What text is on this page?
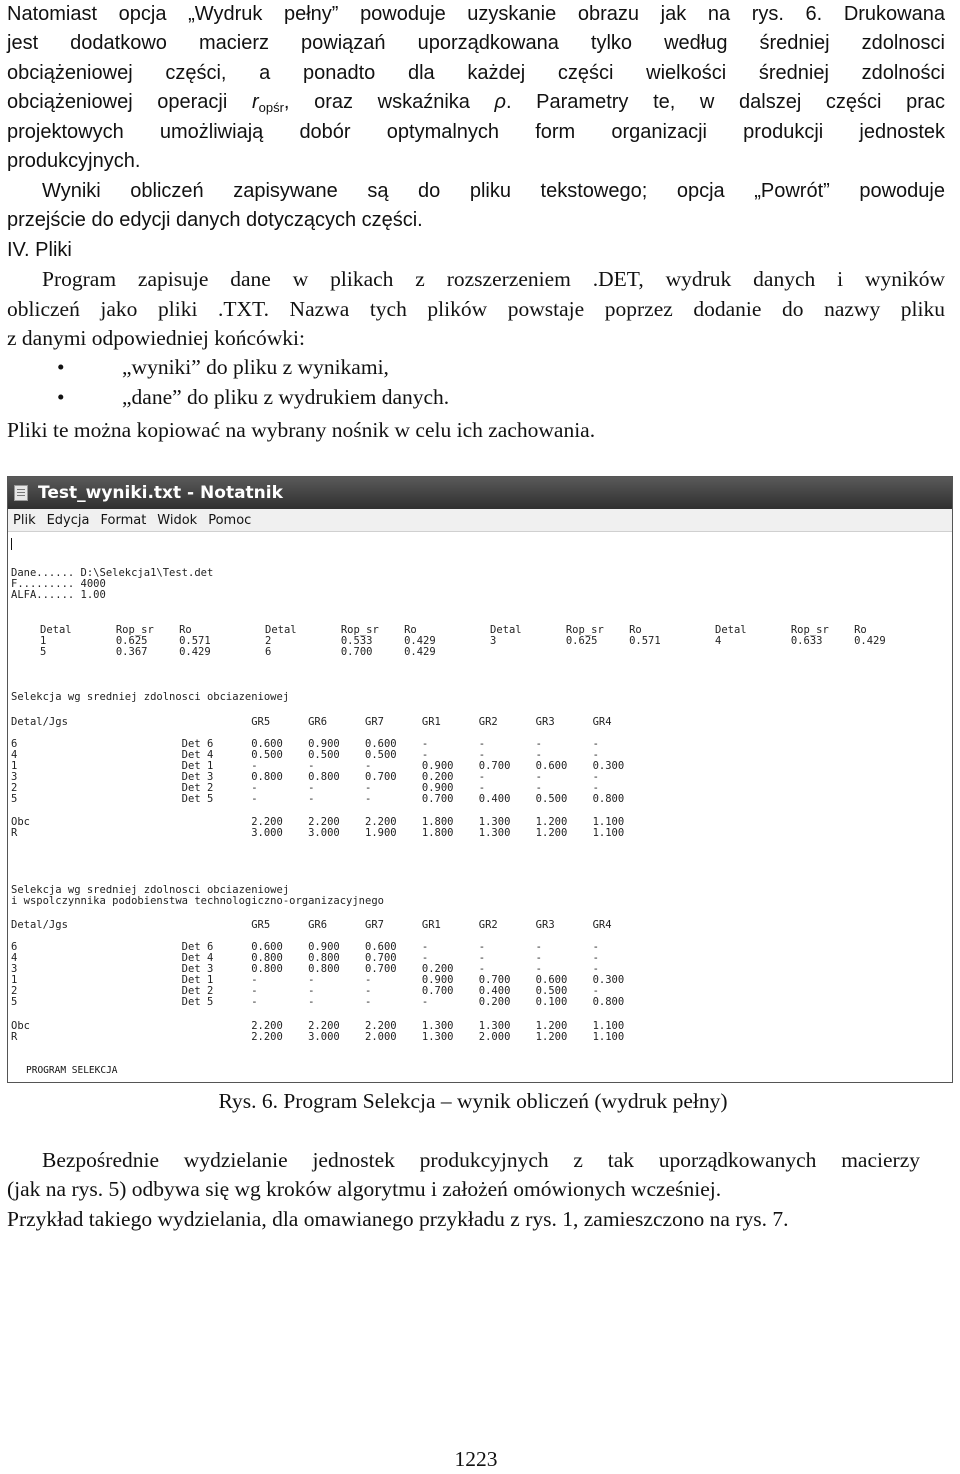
Natomiast opcja „Wydruk pełny” powoduje uzyskanie obrazu jak na rys. 6. Drukowana

jest dodatkowo macierz powiązań uporządkowana tylko według średniej zdolnosci

obciążeniowej części, a ponadto dla każdej części wielkości średniej zdolności

obciążeniowej operacji $r_{opśr}$, oraz wskaźnika ρ. Parametry te, w dalszej części prac

projektowych umożliwiają dobór optymalnych form organizacji produkcji jednostek

produkcyjnych.

Wyniki obliczeń zapisywane są do pliku tekstowego; opcja „Powrót” powoduje

przejście do edycji danych dotyczących części.

IV. Pliki

Program zapisuje dane w plikach z rozszerzeniem .DET, wydruk danych i wyników

obliczeń jako pliki .TXT. Nazwa tych plików powstaje poprzez dodanie do nazwy pliku

z danymi odpowiedniej końcówki:

•	„wyniki” do pliku z wynikami,
•	„dane” do pliku z wydrukiem danych.

Pliki te można kopiować na wybrany nośnik w celu ich zachowania.

Test_wyniki.txt - Notatnik
Plik Edycja Format Widok Pomoc
Dane...... D:\Selekcja1\Test.det
F......... 4000
ALFA...... 1.00
Detal       Rop_sr    Ro
1           0.625     0.571
5           0.367     0.429
Detal       Rop_sr    Ro
2           0.533     0.429
6           0.700     0.429
Detal       Rop_sr    Ro
3           0.625     0.571
Detal       Rop_sr    Ro
4           0.633     0.429
Selekcja wg sredniej zdolnosci obciazeniowej
Detal/Jgs                             GR5      GR6      GR7      GR1      GR2      GR3      GR4
6                          Det 6      0.600    0.900    0.600    -        -        -        -
4                          Det 4      0.500    0.500    0.500    -        -        -        -
1                          Det 1      -        -        -        0.900    0.700    0.600    0.300
3                          Det 3      0.800    0.800    0.700    0.200    -        -        -
2                          Det 2      -        -        -        0.900    -        -        -
5                          Det 5      -        -        -        0.700    0.400    0.500    0.800
Obc                                   2.200    2.200    2.200    1.800    1.300    1.200    1.100
R                                     3.000    3.000    1.900    1.800    1.300    1.200    1.100
Selekcja wg sredniej zdolnosci obciazeniowej
i wspolczynnika podobienstwa technologiczno-organizacyjnego
Detal/Jgs                             GR5      GR6      GR7      GR1      GR2      GR3      GR4
6                          Det 6      0.600    0.900    0.600    -        -        -        -
4                          Det 4      0.800    0.800    0.700    -        -        -        -
3                          Det 3      0.800    0.800    0.700    0.200    -        -        -
1                          Det 1      -        -        -        0.900    0.700    0.600    0.300
2                          Det 2      -        -        -        0.700    0.400    0.500    -
5                          Det 5      -        -        -        -        0.200    0.100    0.800
Obc                                   2.200    2.200    2.200    1.300    1.300    1.200    1.100
R                                     2.200    3.000    2.000    1.300    2.000    1.200    1.100
PROGRAM SELEKCJA

Rys. 6. Program Selekcja – wynik obliczeń (wydruk pełny)

Bezpośrednie wydzielanie jednostek produkcyjnych z tak uporządkowanych macierzy

(jak na rys. 5) odbywa się wg kroków algorytmu i założeń omówionych wcześniej.

Przykład takiego wydzielania, dla omawianego przykładu z rys. 1, zamieszczono na rys. 7.

1223
